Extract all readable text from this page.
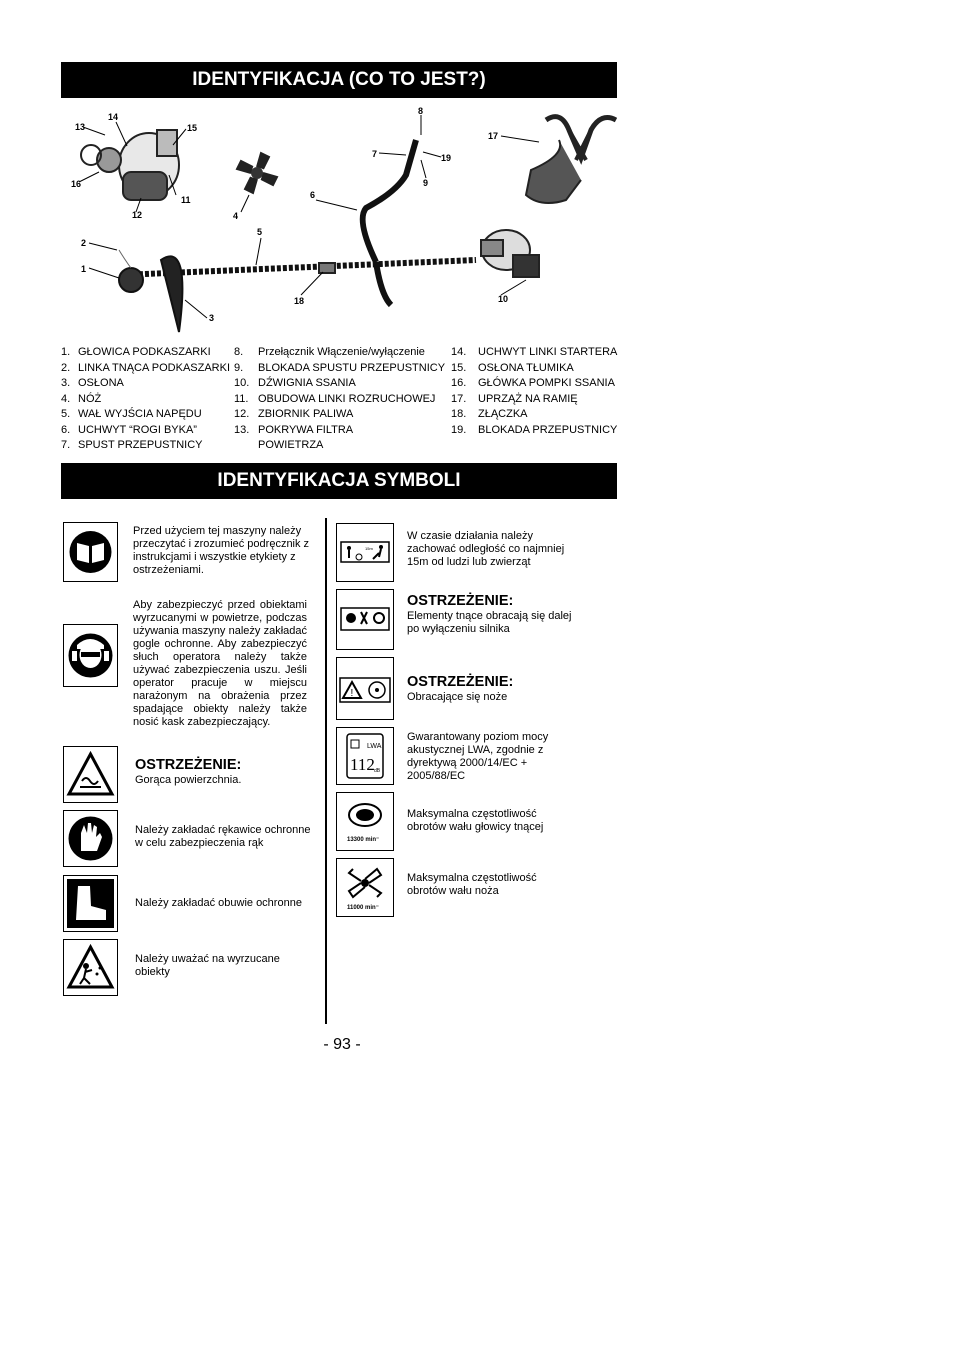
IDENTYFIKACJA (CO TO JEST?)
1
2
3
4
5
6
7
8
9
10
11
12
13
14
15
16
17
18
19
1. GŁOWICA PODKASZARKI
2. LINKA TNĄCA PODKASZARKI
3. OSŁONA
4. NÓŻ
5. WAŁ WYJŚCIA NAPĘDU
6. UCHWYT “ROGI BYKA”
7. SPUST PRZEPUSTNICY
8. Przełącznik Włączenie/wyłączenie
9. BLOKADA SPUSTU PRZEPUSTNICY
10. DŹWIGNIA SSANIA
11. OBUDOWA LINKI ROZRUCHOWEJ
12. ZBIORNIK PALIWA
13. POKRYWA FILTRA
POWIETRZA
14. UCHWYT LINKI STARTERA
15. OSŁONA TŁUMIKA
16. GŁÓWKA POMPKI SSANIA
17. UPRZĄŻ NA RAMIĘ
18. ZŁĄCZKA
19. BLOKADA PRZEPUSTNICY
IDENTYFIKACJA SYMBOLI
Przed użyciem tej maszyny należy przeczytać i zrozumieć podręcznik z instrukcjami i wszystkie etykiety z ostrzeżeniami.
Aby zabezpieczyć przed obiektami wyrzucanymi w powietrze, podczas używania maszyny należy zakładać gogle ochronne. Aby zabezpieczyć słuch operatora należy także używać zabezpieczenia uszu. Jeśli operator pracuje w miejscu narażonym na obrażenia przez spadające obiekty należy także nosić kask zabezpieczający.
OSTRZEŻENIE:
Gorąca powierzchnia.
Należy zakładać rękawice ochronne w celu zabezpieczenia rąk
Należy zakładać obuwie ochronne
Należy uważać na wyrzucane obiekty
15m
W czasie działania należy zachować odległość co najmniej 15m od ludzi lub zwierząt
OSTRZEŻENIE:
Elementy tnące obracają się dalej po wyłączeniu silnika
!
OSTRZEŻENIE:
Obracające się noże
LWA
112 dB
Gwarantowany poziom mocy akustycznej LWA, zgodnie z dyrektywą 2000/14/EC + 2005/88/EC
13300 min⁻
Maksymalna częstotliwość obrotów wału głowicy tnącej
11000 min⁻
Maksymalna częstotliwość obrotów wału noża
- 93 -
